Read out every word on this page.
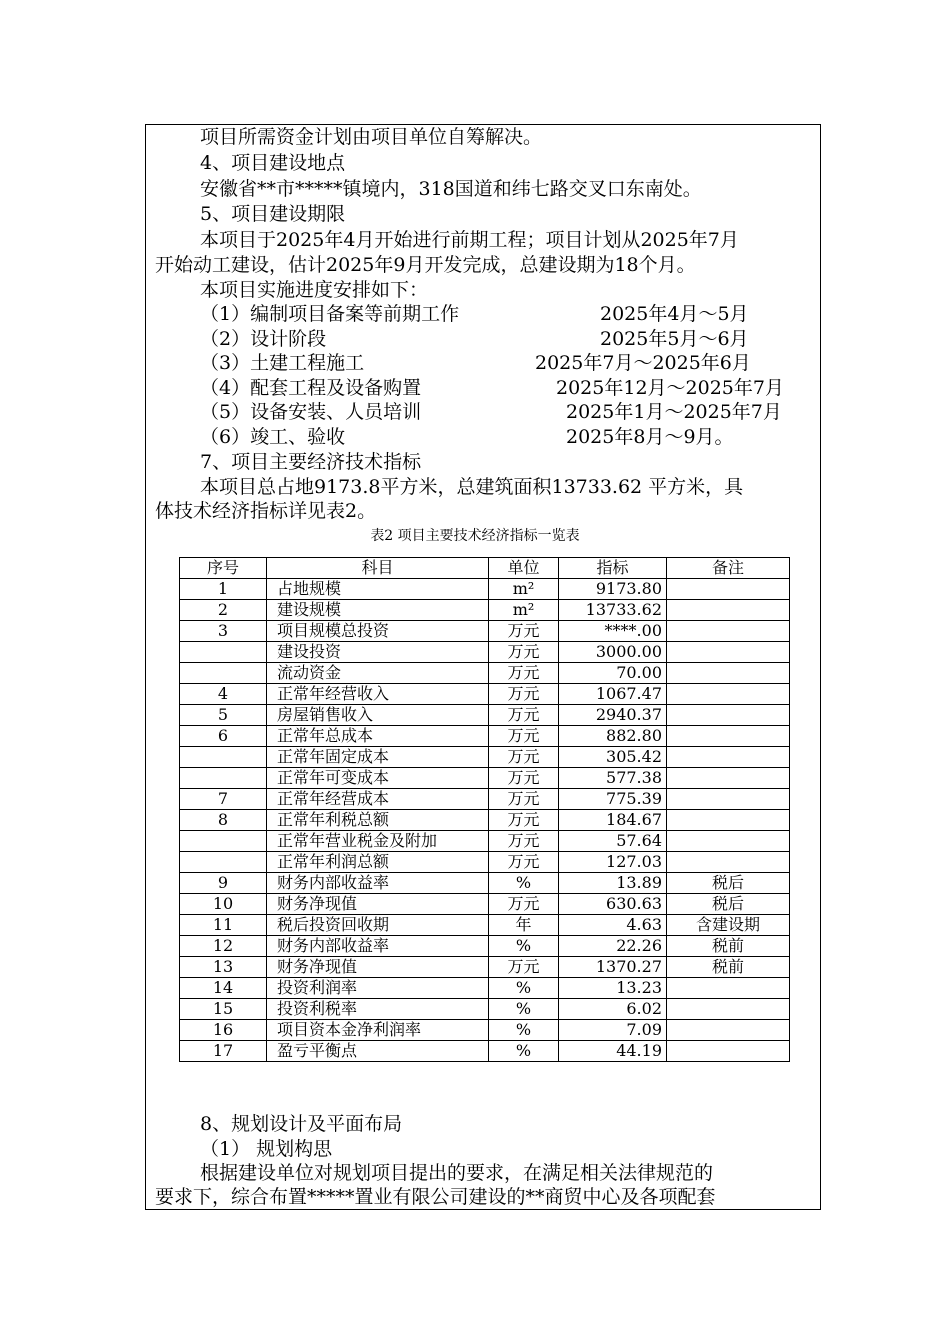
项目所需资金计划由项目单位自筹解决。
4、项目建设地点
安徽省**市*****镇境内，318国道和纬七路交叉口东南处。
5、项目建设期限
本项目于2025年4月开始进行前期工程；项目计划从2025年7月
开始动工建设，估计2025年9月开发完成，总建设期为18个月。
本项目实施进度安排如下：
（1）编制项目备案等前期工作	2025年4月～5月
（2）设计阶段	2025年5月～6月
（3）土建工程施工	2025年7月～2025年6月
（4）配套工程及设备购置	2025年12月～2025年7月
（5）设备安装、人员培训	2025年1月～2025年7月
（6）竣工、验收	2025年8月～9月。
7、项目主要经济技术指标
本项目总占地9173.8平方米，总建筑面积13733.62 平方米，具
体技术经济指标详见表2。
表2 项目主要技术经济指标一览表
序号	科目	单位	指标	备注
1	占地规模	m²	9173.80	
2	建设规模	m²	13733.62	
3	项目规模总投资	万元	****.00	
	建设投资	万元	3000.00	
	流动资金	万元	70.00	
4	正常年经营收入	万元	1067.47	
5	房屋销售收入	万元	2940.37	
6	正常年总成本	万元	882.80	
	正常年固定成本	万元	305.42	
	正常年可变成本	万元	577.38	
7	正常年经营成本	万元	775.39	
8	正常年利税总额	万元	184.67	
	正常年营业税金及附加	万元	57.64	
	正常年利润总额	万元	127.03	
9	财务内部收益率	%	13.89	税后
10	财务净现值	万元	630.63	税后
11	税后投资回收期	年	4.63	含建设期
12	财务内部收益率	%	22.26	税前
13	财务净现值	万元	1370.27	税前
14	投资利润率	%	13.23	
15	投资利税率	%	6.02	
16	项目资本金净利润率	%	7.09	
17	盈亏平衡点	%	44.19	
8、规划设计及平面布局
（1） 规划构思
根据建设单位对规划项目提出的要求，在满足相关法律规范的
要求下，综合布置*****置业有限公司建设的**商贸中心及各项配套
